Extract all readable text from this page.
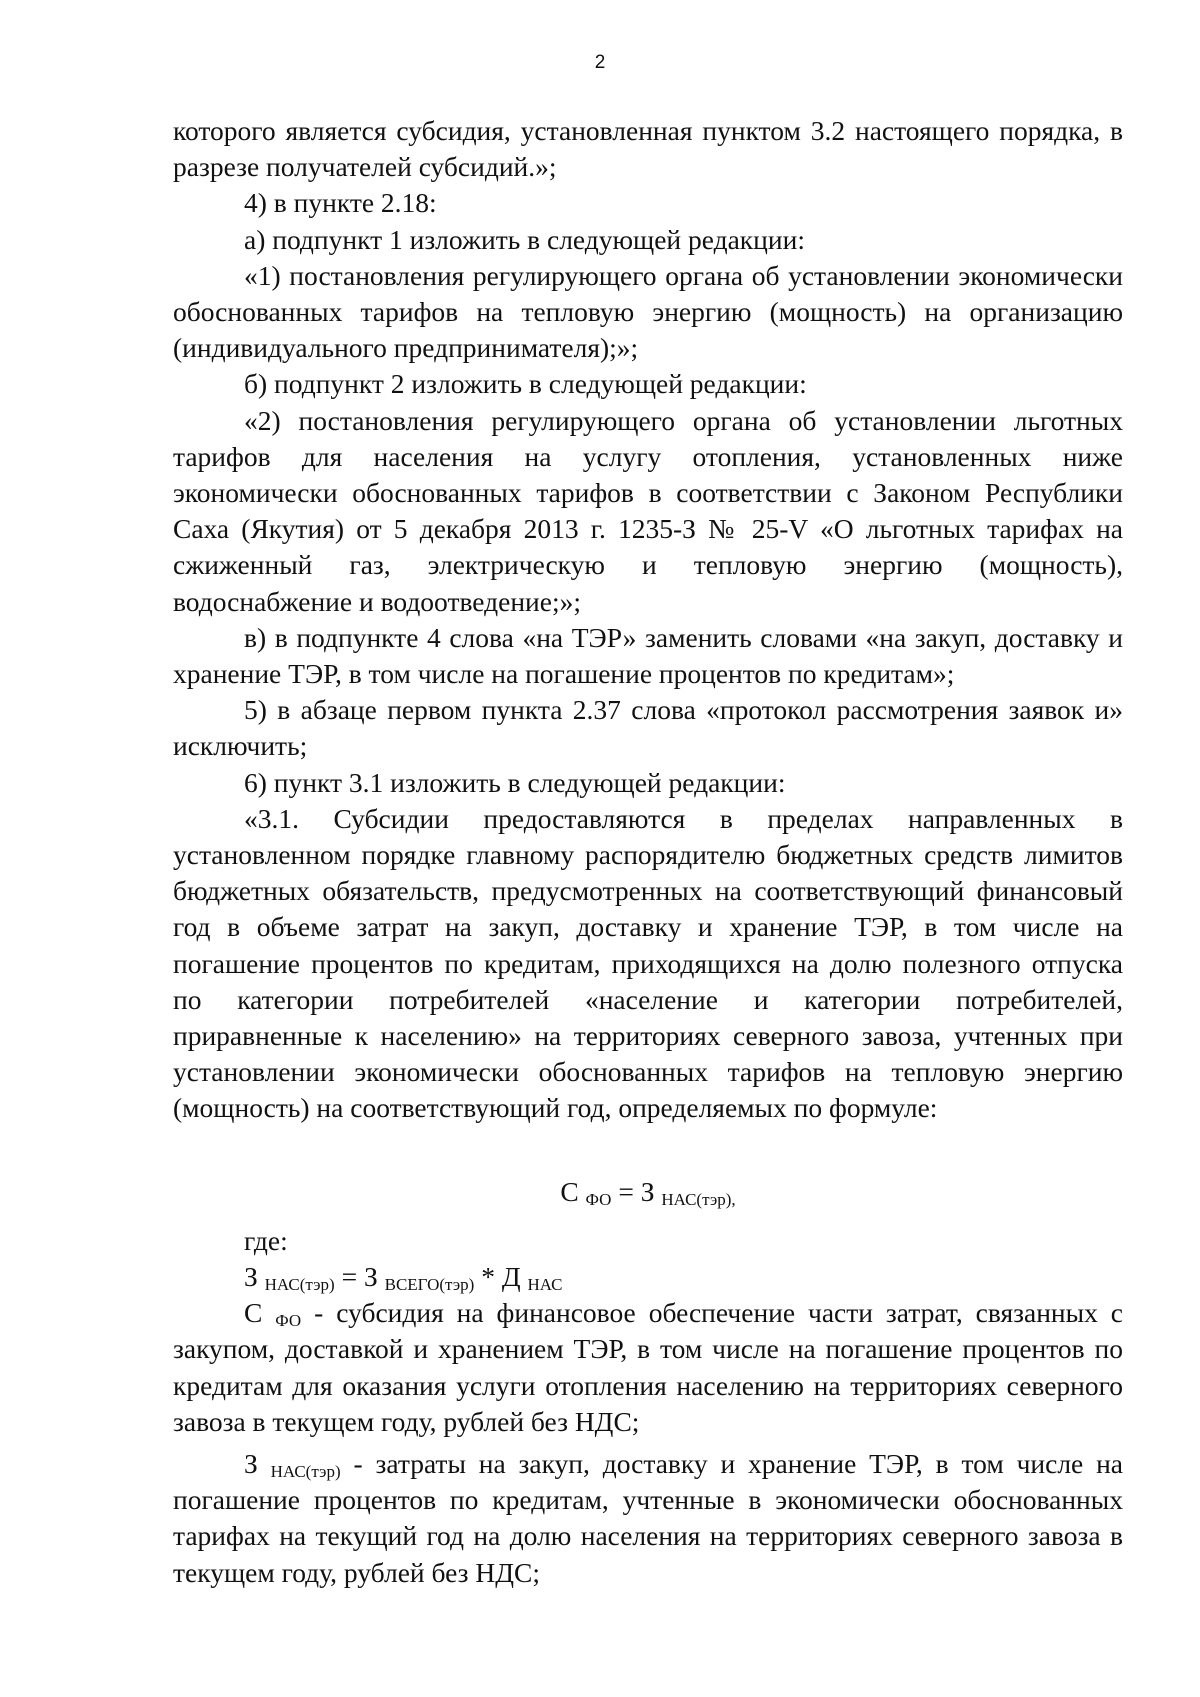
2

которого является субсидия, установленная пунктом 3.2 настоящего порядка, в разрезе получателей субсидий.»;

4) в пункте 2.18:

а) подпункт 1 изложить в следующей редакции:

«1) постановления регулирующего органа об установлении экономически обоснованных тарифов на тепловую энергию (мощность) на организацию (индивидуального предпринимателя);»;

б) подпункт 2 изложить в следующей редакции:

«2) постановления регулирующего органа об установлении льготных тарифов для населения на услугу отопления, установленных ниже экономически обоснованных тарифов в соответствии с Законом Республики Саха (Якутия) от 5 декабря 2013 г. 1235-З № 25-V «О льготных тарифах на сжиженный газ, электрическую и тепловую энергию (мощность), водоснабжение и водоотведение;»;

в) в подпункте 4 слова «на ТЭР» заменить словами «на закуп, доставку и хранение ТЭР, в том числе на погашение процентов по кредитам»;

5) в абзаце первом пункта 2.37 слова «протокол рассмотрения заявок и» исключить;

6) пункт 3.1 изложить в следующей редакции:

«3.1. Субсидии предоставляются в пределах направленных в установленном порядке главному распорядителю бюджетных средств лимитов бюджетных обязательств, предусмотренных на соответствующий финансовый год в объеме затрат на закуп, доставку и хранение ТЭР, в том числе на погашение процентов по кредитам, приходящихся на долю полезного отпуска по категории потребителей «население и категории потребителей, приравненные к населению» на территориях северного завоза, учтенных при установлении экономически обоснованных тарифов на тепловую энергию (мощность) на соответствующий год, определяемых по формуле:

С $_{ФО}$ = З $_{НАС(тэр),}$

где:

З $_{НАС(тэр)}$ = З $_{ВСЕГО(тэр)}$ * Д $_{НАС}$

С $_{ФО}$ - субсидия на финансовое обеспечение части затрат, связанных с закупом, доставкой и хранением ТЭР, в том числе на погашение процентов по кредитам для оказания услуги отопления населению на территориях северного завоза в текущем году, рублей без НДС;

З $_{НАС(тэр)}$ - затраты на закуп, доставку и хранение ТЭР, в том числе на погашение процентов по кредитам, учтенные в экономически обоснованных тарифах на текущий год на долю населения на территориях северного завоза в текущем году, рублей без НДС;
